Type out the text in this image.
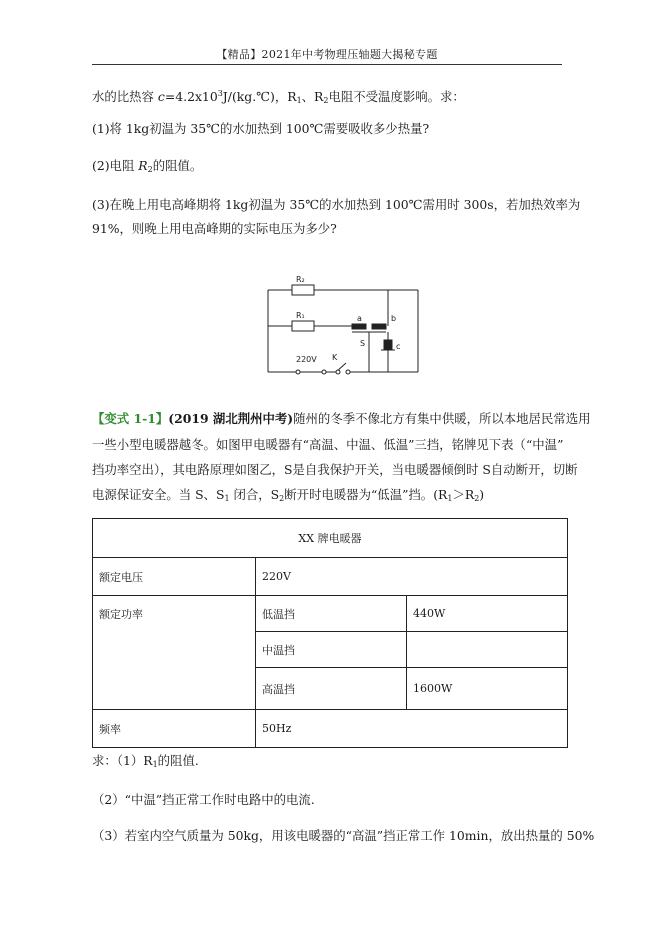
【精品】2021年中考物理压轴题大揭秘专题
水的比热容 $c=4.2x10^3J/(kg.℃)$，$R_1$、$R_2$电阻不受温度影响。求：
(1)将 1kg初温为 35℃的水加热到 100℃需要吸收多少热量?
(2)电阻 $R_2$的阻值。
(3)在晚上用电高峰期将 1kg初温为 35℃的水加热到 100℃需用时 300s，若加热效率为
91%，则晚上用电高峰期的实际电压为多少?
R₂
R₁	a	b
S	c
220V K
【变式 1-1】(2019 湖北荆州中考)随州的冬季不像北方有集中供暖，所以本地居民常选用
一些小型电暖器越冬。如图甲电暖器有“高温、中温、低温”三挡，铭牌见下表（“中温”
挡功率空出），其电路原理如图乙，S是自我保护开关，当电暖器倾倒时 S自动断开，切断
电源保证安全。当 S、$S_1$ 闭合，$S_2$断开时电暖器为“低温”挡。$(R_1>R_2)$
XX 牌电暖器		
额定电压	220V	
额定功率	低温挡	440W
	中温挡	
	高温挡	1600W
频率	50Hz	
求：$(1)R_1$的阻值.
（2）“中温”挡正常工作时电路中的电流.
（3）若室内空气质量为 50kg，用该电暖器的“高温”挡正常工作 10min，放出热量的 50%
